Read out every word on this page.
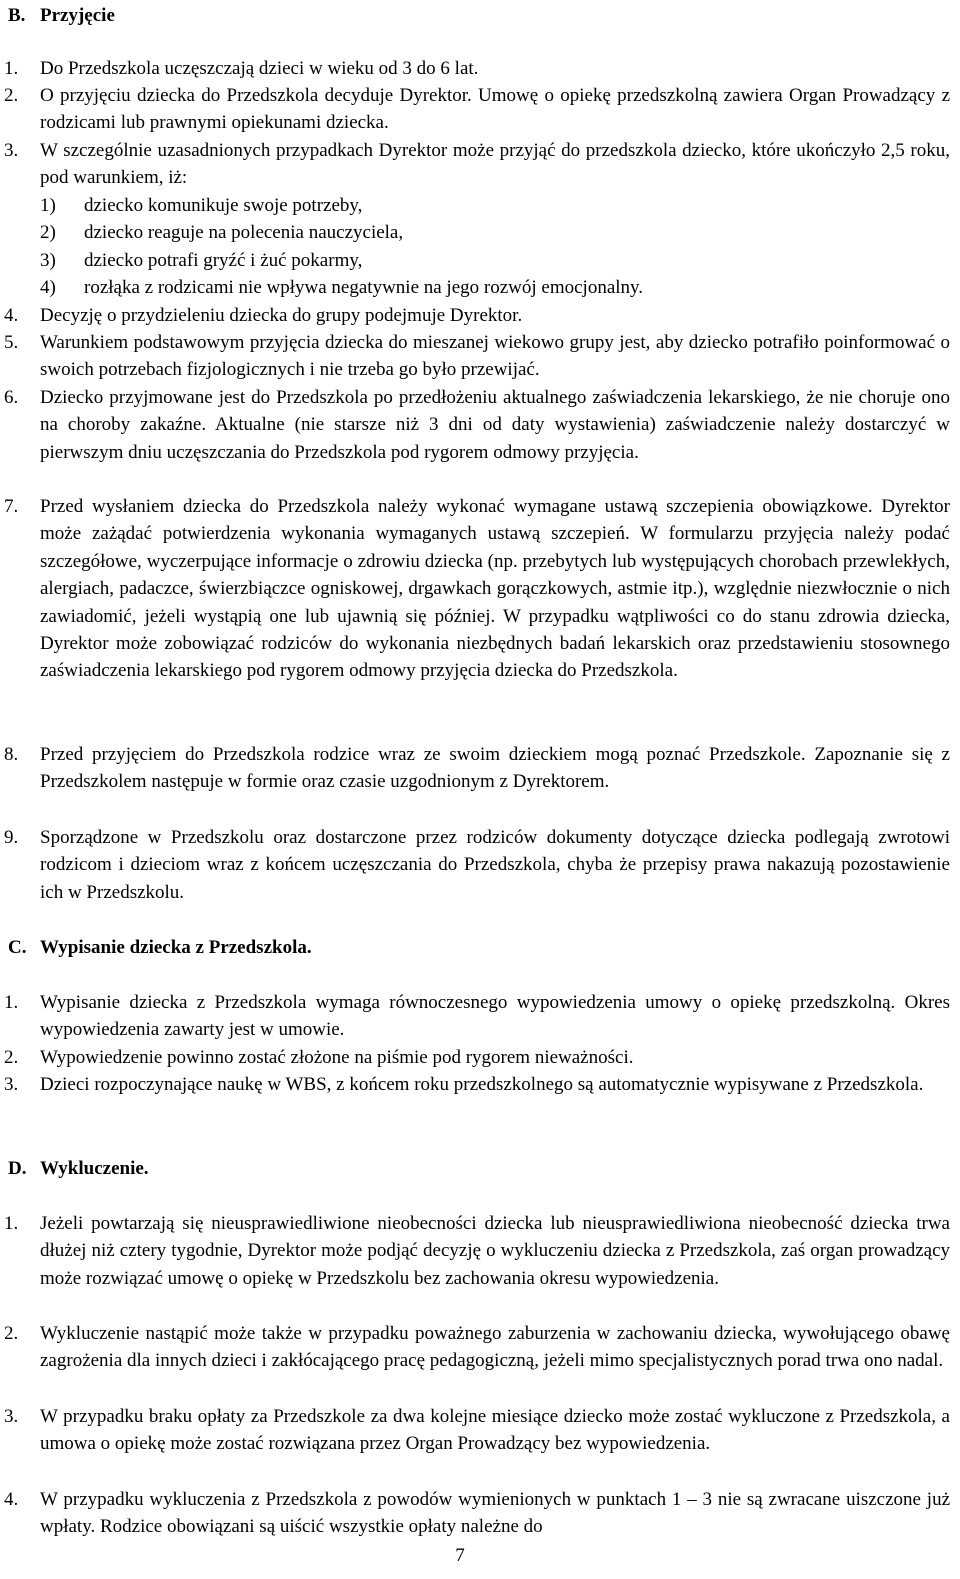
B. Przyjęcie
1. Do Przedszkola uczęszczają dzieci w wieku od 3 do 6 lat.
2. O przyjęciu dziecka do Przedszkola decyduje Dyrektor. Umowę o opiekę przedszkolną zawiera Organ Prowadzący z rodzicami lub prawnymi opiekunami dziecka.
3. W szczególnie uzasadnionych przypadkach Dyrektor może przyjąć do przedszkola dziecko, które ukończyło 2,5 roku, pod warunkiem, iż:
1) dziecko komunikuje swoje potrzeby,
2) dziecko reaguje na polecenia nauczyciela,
3) dziecko potrafi gryźć i żuć pokarmy,
4) rozłąka z rodzicami nie wpływa negatywnie na jego rozwój emocjonalny.
4. Decyzję o przydzieleniu dziecka do grupy podejmuje Dyrektor.
5. Warunkiem podstawowym przyjęcia dziecka do mieszanej wiekowo grupy jest, aby dziecko potrafiło poinformować o swoich potrzebach fizjologicznych i nie trzeba go było przewijać.
6. Dziecko przyjmowane jest do Przedszkola po przedłożeniu aktualnego zaświadczenia lekarskiego, że nie choruje ono na choroby zakaźne. Aktualne (nie starsze niż 3 dni od daty wystawienia) zaświadczenie należy dostarczyć w pierwszym dniu uczęszczania do Przedszkola pod rygorem odmowy przyjęcia.
7. Przed wysłaniem dziecka do Przedszkola należy wykonać wymagane ustawą szczepienia obowiązkowe. Dyrektor może zażądać potwierdzenia wykonania wymaganych ustawą szczepień. W formularzu przyjęcia należy podać szczegółowe, wyczerpujące informacje o zdrowiu dziecka (np. przebytych lub występujących chorobach przewlekłych, alergiach, padaczce, świerzbiączce ogniskowej, drgawkach gorączkowych, astmie itp.), względnie niezwłocznie o nich zawiadomić, jeżeli wystąpią one lub ujawnią się później. W przypadku wątpliwości co do stanu zdrowia dziecka, Dyrektor może zobowiązać rodziców do wykonania niezbędnych badań lekarskich oraz przedstawieniu stosownego zaświadczenia lekarskiego pod rygorem odmowy przyjęcia dziecka do Przedszkola.
8. Przed przyjęciem do Przedszkola rodzice wraz ze swoim dzieckiem mogą poznać Przedszkole. Zapoznanie się z Przedszkolem następuje w formie oraz czasie uzgodnionym z Dyrektorem.
9. Sporządzone w Przedszkolu oraz dostarczone przez rodziców dokumenty dotyczące dziecka podlegają zwrotowi rodzicom i dzieciom wraz z końcem uczęszczania do Przedszkola, chyba że przepisy prawa nakazują pozostawienie ich w Przedszkolu.
C. Wypisanie dziecka z Przedszkola.
1. Wypisanie dziecka z Przedszkola wymaga równoczesnego wypowiedzenia umowy o opiekę przedszkolną. Okres wypowiedzenia zawarty jest w umowie.
2. Wypowiedzenie powinno zostać złożone na piśmie pod rygorem nieważności.
3. Dzieci rozpoczynające naukę w WBS, z końcem roku przedszkolnego są automatycznie wypisywane z Przedszkola.
D. Wykluczenie.
1. Jeżeli powtarzają się nieusprawiedliwione nieobecności dziecka lub nieusprawiedliwiona nieobecność dziecka trwa dłużej niż cztery tygodnie, Dyrektor może podjąć decyzję o wykluczeniu dziecka z Przedszkola, zaś organ prowadzący może rozwiązać umowę o opiekę w Przedszkolu bez zachowania okresu wypowiedzenia.
2. Wykluczenie nastąpić może także w przypadku poważnego zaburzenia w zachowaniu dziecka, wywołującego obawę zagrożenia dla innych dzieci i zakłócającego pracę pedagogiczną, jeżeli mimo specjalistycznych porad trwa ono nadal.
3. W przypadku braku opłaty za Przedszkole za dwa kolejne miesiące dziecko może zostać wykluczone z Przedszkola, a umowa o opiekę może zostać rozwiązana przez Organ Prowadzący bez wypowiedzenia.
4. W przypadku wykluczenia z Przedszkola z powodów wymienionych w punktach 1 – 3 nie są zwracane uiszczone już wpłaty. Rodzice obowiązani są uiścić wszystkie opłaty należne do
7
